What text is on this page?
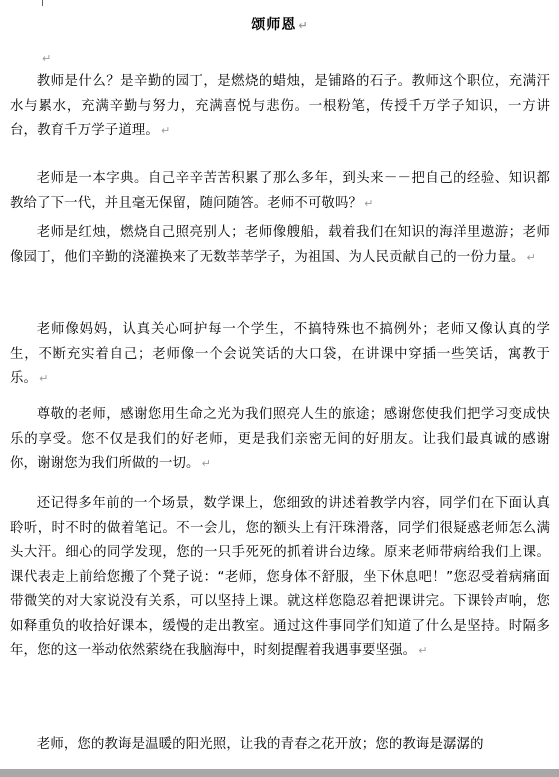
颂师恩 ↵
↵

教师是什么？是辛勤的园丁，是燃烧的蜡烛，是铺路的石子。教师这个职位，充满汗水与累水，充满辛勤与努力，充满喜悦与悲伤。一根粉笔，传授千万学子知识，一方讲台，教育千万学子道理。 ↵

老师是一本字典。自己辛辛苦苦积累了那么多年，到头来－－把自己的经验、知识都教给了下一代，并且毫无保留，随问随答。老师不可敬吗？ ↵

老师是红烛，燃烧自己照亮别人；老师像艘船，载着我们在知识的海洋里遨游；老师像园丁，他们辛勤的浇灌换来了无数莘莘学子，为祖国、为人民贡献自己的一份力量。 ↵

老师像妈妈，认真关心呵护每一个学生，不搞特殊也不搞例外；老师又像认真的学生，不断充实着自己；老师像一个会说笑话的大口袋，在讲课中穿插一些笑话，寓教于乐。 ↵

尊敬的老师，感谢您用生命之光为我们照亮人生的旅途；感谢您使我们把学习变成快乐的享受。您不仅是我们的好老师，更是我们亲密无间的好朋友。让我们最真诚的感谢你，谢谢您为我们所做的一切。 ↵

还记得多年前的一个场景，数学课上，您细致的讲述着教学内容，同学们在下面认真聆听，时不时的做着笔记。不一会儿，您的额头上有汗珠滑落，同学们很疑惑老师怎么满头大汗。细心的同学发现，您的一只手死死的抓着讲台边缘。原来老师带病给我们上课。课代表走上前给您搬了个凳子说：“老师，您身体不舒服，坐下休息吧！”您忍受着病痛面带微笑的对大家说没有关系，可以坚持上课。就这样您隐忍着把课讲完。下课铃声响，您如释重负的收拾好课本，缓慢的走出教室。通过这件事同学们知道了什么是坚持。时隔多年，您的这一举动依然萦绕在我脑海中，时刻提醒着我遇事要坚强。 ↵

老师，您的教诲是温暖的阳光照，让我的青春之花开放；您的教诲是潺潺的
